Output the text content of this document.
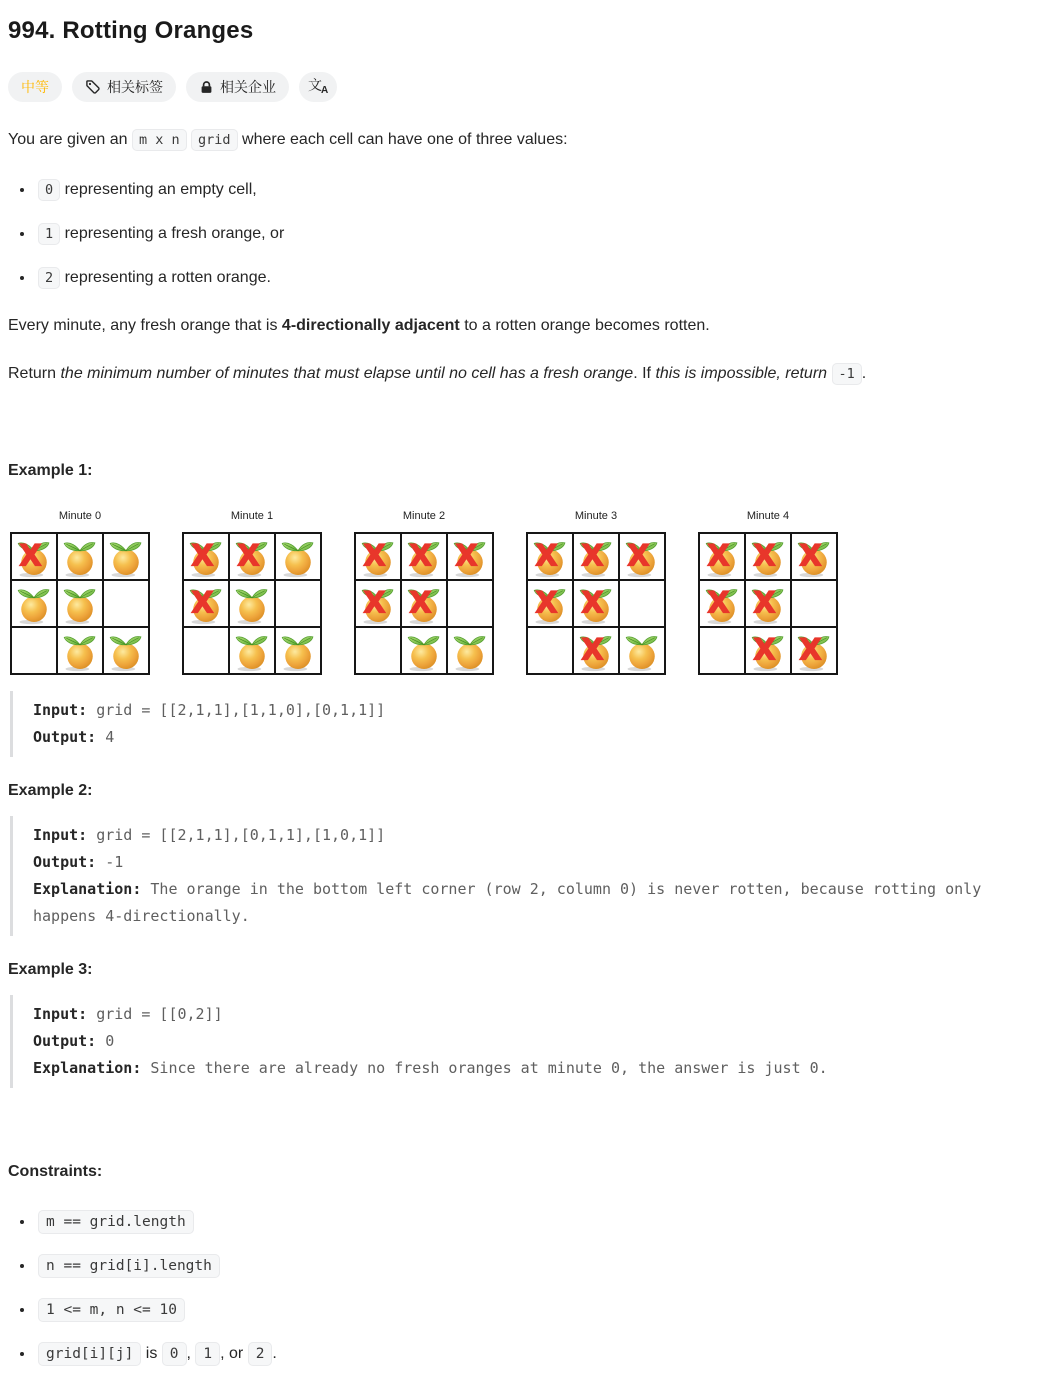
994. Rotting Oranges
中等	相关标签	相关企业 文$_A$

You are given an m x n grid where each cell can have one of three values:

• 0 representing an empty cell,
• 1 representing a fresh orange, or
• 2 representing a rotten orange.

Every minute, any fresh orange that is 4-directionally adjacent to a rotten orange becomes rotten.

Return the minimum number of minutes that must elapse until no cell has a fresh orange. If this is impossible, return -1 .

Example 1:

Minute 0
X
Minute 1
X X
X
Minute 2
X X X
X X
Minute 3
X X X
X X
X
Minute 4
X X X
X X
X X
Input: grid = [[2,1,1],[1,1,0],[0,1,1]]
Output: 4

Example 2:

Input: grid = [[2,1,1],[0,1,1],[1,0,1]]
Output: -1
Explanation: The orange in the bottom left corner (row 2, column 0) is never rotten, because rotting only happens 4-directionally.

Example 3:

Input: grid = [[0,2]]
Output: 0
Explanation: Since there are already no fresh oranges at minute 0, the answer is just 0.

Constraints:

• m == grid.length
• n == grid[i].length
• 1 <= m, n <= 10
• grid[i][j] is 0 , 1 , or 2 .
